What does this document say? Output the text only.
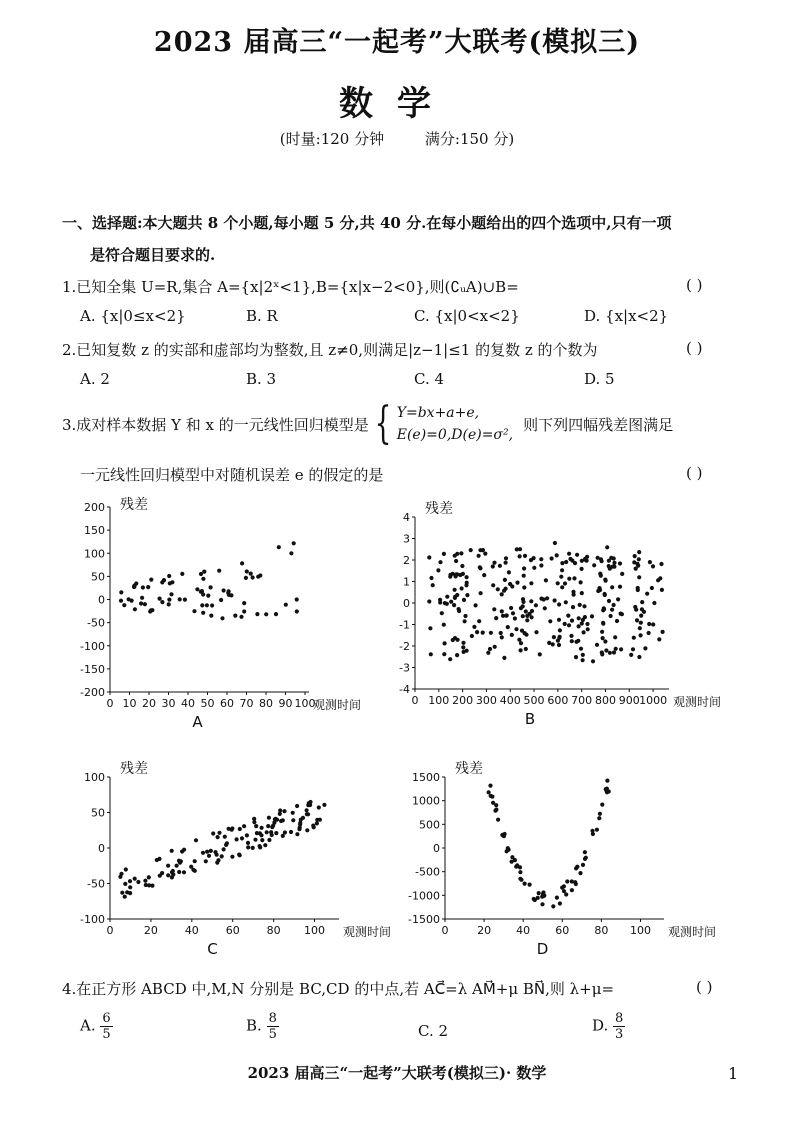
2023 届高三“一起考”大联考(模拟三)
数学
(时量:120 分钟	满分:150 分)
一、选择题:本大题共 8 个小题,每小题 5 分,共 40 分.在每小题给出的四个选项中,只有一项
是符合题目要求的.
1.已知全集 U=R,集合 A={x|2ˣ<1},B={x|x−2<0},则(∁ᵤA)∪B=	( )
A. {x|0≤x<2}	B. R	C. {x|0<x<2}	D. {x|x<2}
2.已知复数 z 的实部和虚部均为整数,且 z≠0,则满足|z−1|≤1 的复数 z 的个数为	( )
A. 2	B. 3	C. 4	D. 5
3.成对样本数据 Y 和 x 的一元线性回归模型是 { Y=bx+a+e,
E(e)=0,D(e)=σ²,
则下列四幅残差图满足
一元线性回归模型中对随机误差 e 的假定的是	( )
残差
200
150
100
50
0
-50
-100
-150
-200
0 10 20 30 40 50 60 70 80 90 100
观测时间
A
残差
4
3
2
1
0
-1
-2
-3
-4
0 100 200 300 400 500 600 700 800 900 1000 观测时间
B
残差
100
50
0
-50
-100
0	20 40 60 80 100 观测时间
C
残差
1500
1000
500
0
-500
-1000
-1500
0	20 40 60 80 100 观测时间
D
4.在正方形 ABCD 中,M,N 分别是 BC,CD 的中点,若 AC⃗=λ AM⃗+μ BN⃗,则 λ+μ=	( )
A. $\frac{6}{5}$	B. $\frac{8}{5}$	C. 2	D. $\frac{8}{3}$
2023 届高三“一起考”大联考(模拟三)· 数学	1
